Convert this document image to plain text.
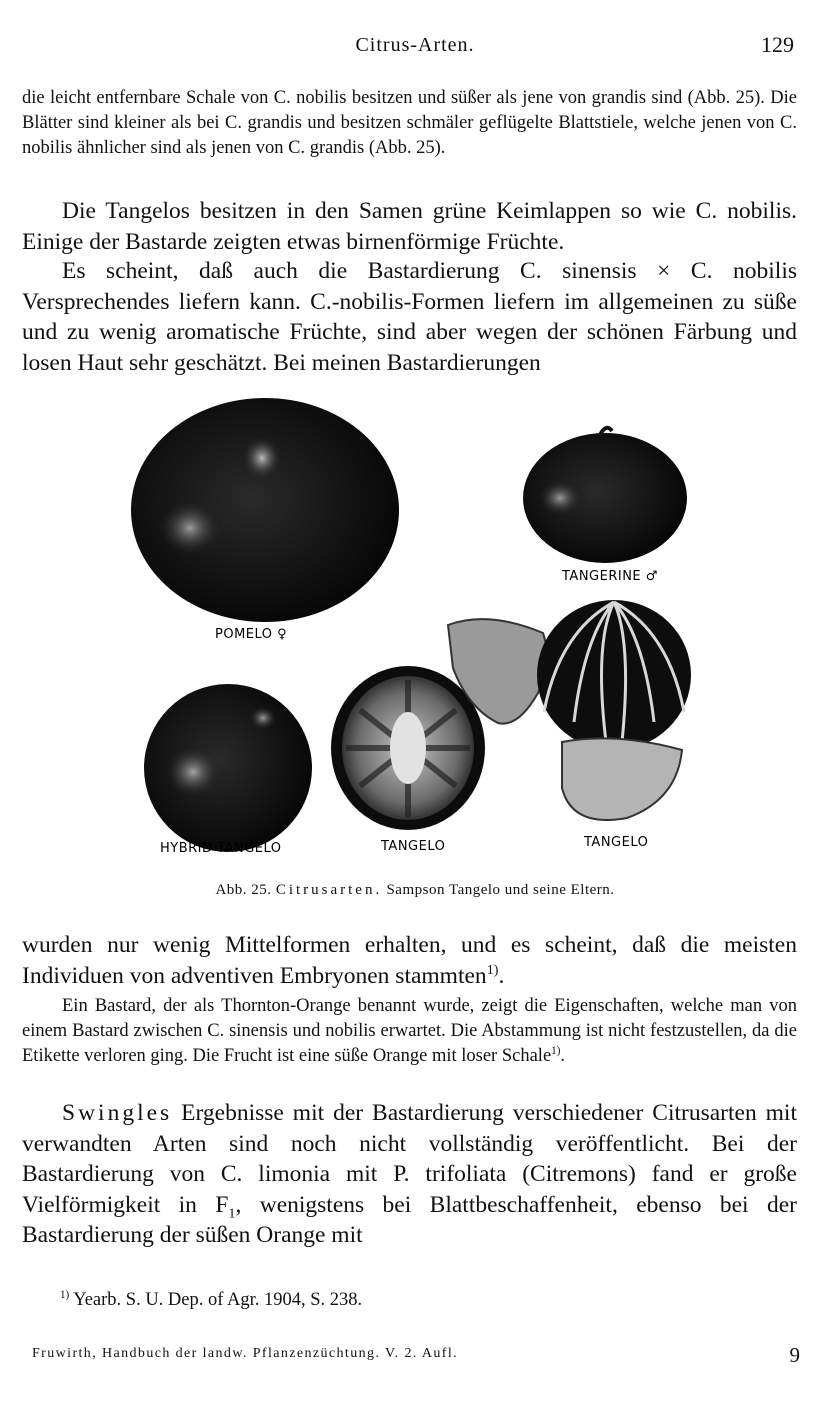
Citrus-Arten.	129
die leicht entfernbare Schale von C. nobilis besitzen und süßer als jene von grandis sind (Abb. 25). Die Blätter sind kleiner als bei C. grandis und besitzen schmäler geflügelte Blattstiele, welche jenen von C. nobilis ähnlicher sind als jenen von C. grandis (Abb. 25).
Die Tangelos besitzen in den Samen grüne Keimlappen so wie C. nobilis. Einige der Bastarde zeigten etwas birnenförmige Früchte.
Es scheint, daß auch die Bastardierung C. sinensis × C. nobilis Versprechendes liefern kann. C.-nobilis-Formen liefern im allgemeinen zu süße und zu wenig aromatische Früchte, sind aber wegen der schönen Färbung und losen Haut sehr geschätzt. Bei meinen Bastardierungen
POMELO ♀
TANGERINE ♂
HYBRID TANGELO	TANGELO	TANGELO
Abb. 25. Citrusarten. Sampson Tangelo und seine Eltern.
wurden nur wenig Mittelformen erhalten, und es scheint, daß die meisten Individuen von adventiven Embryonen stammten$^{1)}$.
Ein Bastard, der als Thornton-Orange benannt wurde, zeigt die Eigenschaften, welche man von einem Bastard zwischen C. sinensis und nobilis erwartet. Die Abstammung ist nicht festzustellen, da die Etikette verloren ging. Die Frucht ist eine süße Orange mit loser Schale$^{1)}$.
Swingles Ergebnisse mit der Bastardierung verschiedener Citrusarten mit verwandten Arten sind noch nicht vollständig veröffentlicht. Bei der Bastardierung von C. limonia mit P. trifoliata (Citremons) fand er große Vielförmigkeit in $F_1$, wenigstens bei Blattbeschaffenheit, ebenso bei der Bastardierung der süßen Orange mit
$^{1)}$ Yearb. S. U. Dep. of Agr. 1904, S. 238.
Fruwirth, Handbuch der landw. Pflanzenzüchtung. V. 2. Aufl.	9
